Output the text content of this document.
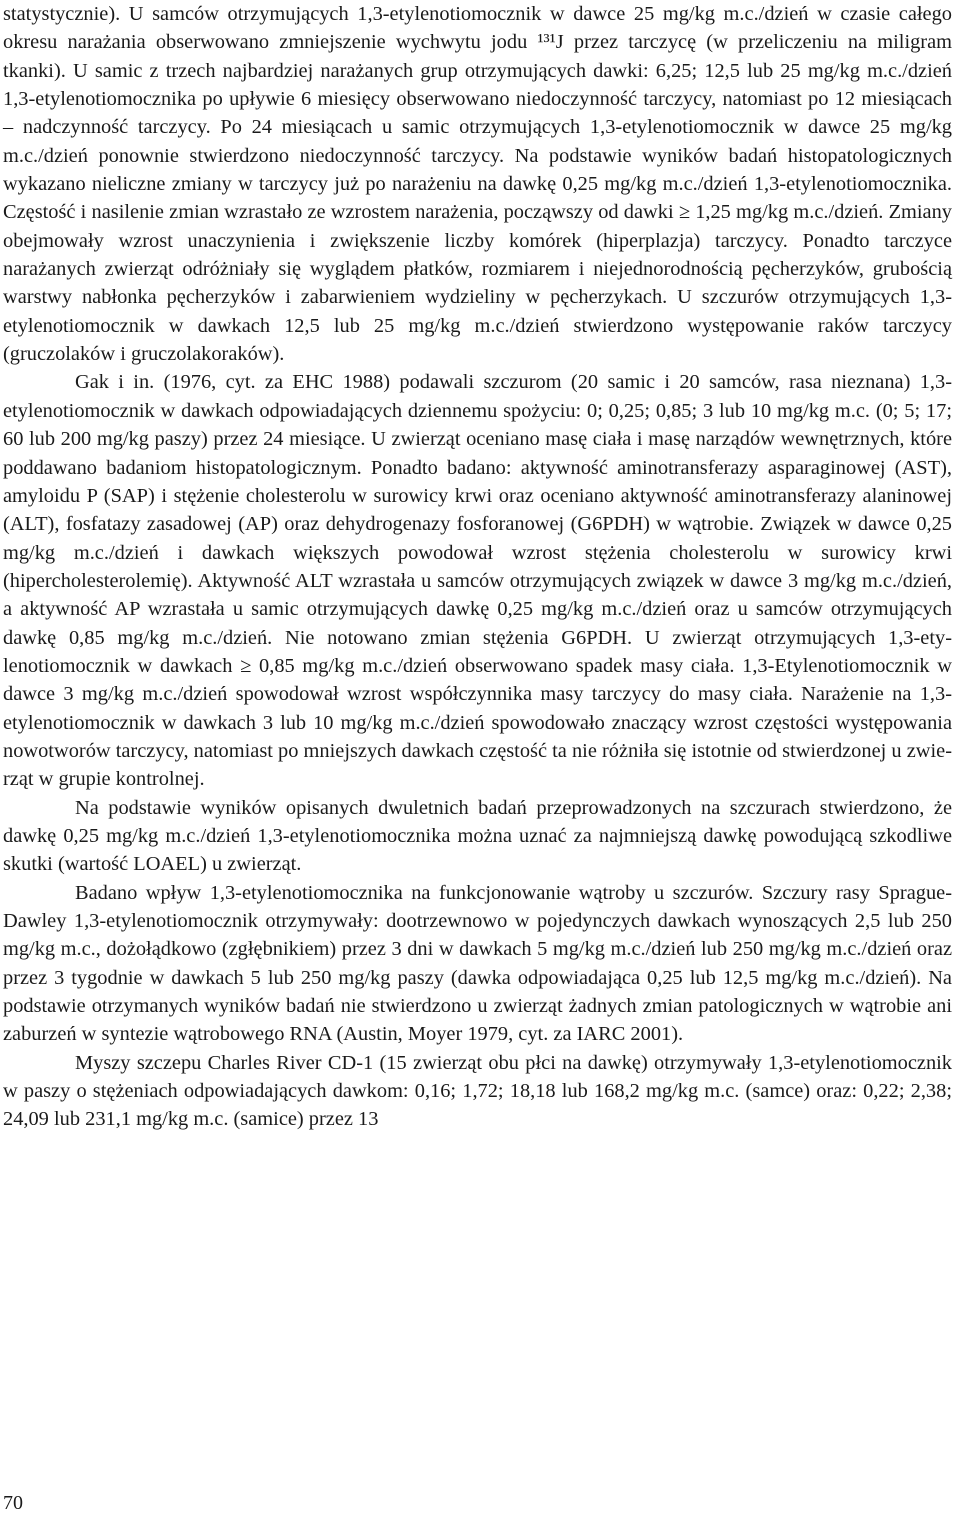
statystycznie). U samców otrzymujących 1,3-etylenotiomocznik w dawce 25 mg/kg m.c./dzień w czasie całego okresu narażania obserwowano zmniejszenie wychwytu jodu ¹³¹J przez tarczycę (w przeliczeniu na miligram tkanki). U samic z trzech najbardziej narażanych grup otrzymujących dawki: 6,25; 12,5 lub 25 mg/kg m.c./dzień 1,3-etylenotiomocznika po upływie 6 miesięcy obserwowano niedoczynność tarczycy, natomiast po 12 miesiącach – nadczynność tarczycy. Po 24 miesiącach u samic otrzymujących 1,3-etylenotiomocznik w dawce 25 mg/kg m.c./dzień ponownie stwierdzono niedoczynność tarczycy. Na podstawie wyników badań histopatologicznych wykazano nieliczne zmiany w tarczycy już po narażeniu na dawkę 0,25 mg/kg m.c./dzień 1,3-etylenotiomocznika. Częstość i nasilenie zmian wzrastało ze wzrostem narażenia, począwszy od dawki ≥ 1,25 mg/kg m.c./dzień. Zmiany obejmowały wzrost unaczynienia i zwiększenie liczby komórek (hiperplazja) tarczycy. Ponadto tarczyce narażanych zwierząt odróżniały się wyglądem płatków, rozmiarem i niejednorodnością pęcherzyków, grubością warstwy nabłonka pęcherzyków i zabarwieniem wydzieliny w pęcherzykach. U szczurów otrzymujących 1,3-etylenotiomocznik w dawkach 12,5 lub 25 mg/kg m.c./dzień stwierdzono występowanie raków tarczycy (gruczolaków i gruczolakoraków).

Gak i in. (1976, cyt. za EHC 1988) podawali szczurom (20 samic i 20 samców, rasa nieznana) 1,3-etylenotiomocznik w dawkach odpowiadających dziennemu spożyciu: 0; 0,25; 0,85; 3 lub 10 mg/kg m.c. (0; 5; 17; 60 lub 200 mg/kg paszy) przez 24 miesiące. U zwierząt oceniano masę ciała i masę narządów wewnętrznych, które poddawano badaniom histopatologicznym. Ponadto badano: aktywność aminotransferazy asparaginowej (AST), amyloidu P (SAP) i stężenie cholesterolu w surowicy krwi oraz oceniano aktywność aminotransferazy alaninowej (ALT), fosfatazy zasadowej (AP) oraz dehydrogenazy fosforanowej (G6PDH) w wątrobie. Związek w dawce 0,25 mg/kg m.c./dzień i dawkach większych powodował wzrost stężenia cholesterolu w surowicy krwi (hipercholesterolemię). Aktywność ALT wzrastała u samców otrzymujących związek w dawce 3 mg/kg m.c./dzień, a aktywność AP wzrastała u samic otrzymujących dawkę 0,25 mg/kg m.c./dzień oraz u samców otrzymujących dawkę 0,85 mg/kg m.c./dzień. Nie notowano zmian stężenia G6PDH. U zwierząt otrzymujących 1,3-etylenotiomocznik w dawkach ≥ 0,85 mg/kg m.c./dzień obserwowano spadek masy ciała. 1,3-Etylenotiomocznik w dawce 3 mg/kg m.c./dzień spowodował wzrost współczynnika masy tarczycy do masy ciała. Narażenie na 1,3-etylenotiomocznik w dawkach 3 lub 10 mg/kg m.c./dzień spowodowało znaczący wzrost częstości występowania nowotworów tarczycy, natomiast po mniejszych dawkach częstość ta nie różniła się istotnie od stwierdzonej u zwierząt w grupie kontrolnej.

Na podstawie wyników opisanych dwuletnich badań przeprowadzonych na szczurach stwierdzono, że dawkę 0,25 mg/kg m.c./dzień 1,3-etylenotiomocznika można uznać za najmniejszą dawkę powodującą szkodliwe skutki (wartość LOAEL) u zwierząt.

Badano wpływ 1,3-etylenotiomocznika na funkcjonowanie wątroby u szczurów. Szczury rasy Sprague-Dawley 1,3-etylenotiomocznik otrzymywały: dootrzewnowo w pojedynczych dawkach wynoszących 2,5 lub 250 mg/kg m.c., dożołądkowo (zgłębnikiem) przez 3 dni w dawkach 5 mg/kg m.c./dzień lub 250 mg/kg m.c./dzień oraz przez 3 tygodnie w dawkach 5 lub 250 mg/kg paszy (dawka odpowiadająca 0,25 lub 12,5 mg/kg m.c./dzień). Na podstawie otrzymanych wyników badań nie stwierdzono u zwierząt żadnych zmian patologicznych w wątrobie ani zaburzeń w syntezie wątrobowego RNA (Austin, Moyer 1979, cyt. za IARC 2001).

Myszy szczepu Charles River CD-1 (15 zwierząt obu płci na dawkę) otrzymywały 1,3-etylenotiomocznik w paszy o stężeniach odpowiadających dawkom: 0,16; 1,72; 18,18 lub 168,2 mg/kg m.c. (samce) oraz: 0,22; 2,38; 24,09 lub 231,1 mg/kg m.c. (samice) przez 13

70
